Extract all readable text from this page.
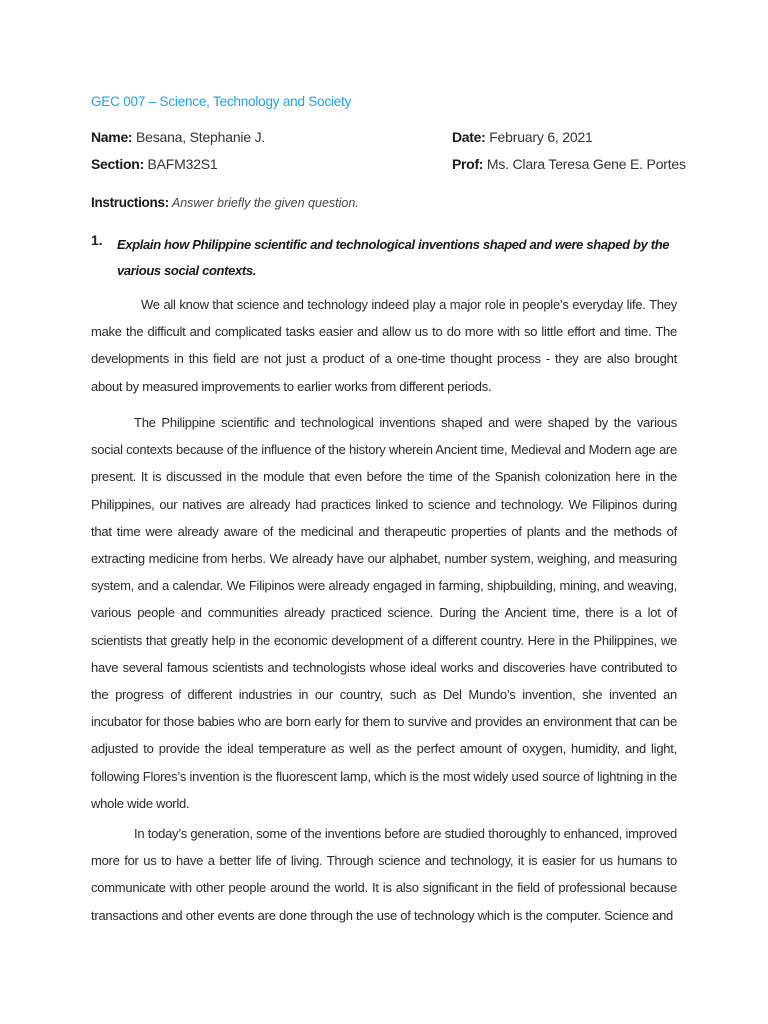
GEC 007 – Science, Technology and Society
Name: Besana, Stephanie J.	Date: February 6, 2021
Section: BAFM32S1	Prof: Ms. Clara Teresa Gene E. Portes
Instructions: Answer briefly the given question.
1. Explain how Philippine scientific and technological inventions shaped and were shaped by the various social contexts.

We all know that science and technology indeed play a major role in people’s everyday life. They make the difficult and complicated tasks easier and allow us to do more with so little effort and time. The developments in this field are not just a product of a one-time thought process - they are also brought about by measured improvements to earlier works from different periods.

The Philippine scientific and technological inventions shaped and were shaped by the various social contexts because of the influence of the history wherein Ancient time, Medieval and Modern age are present. It is discussed in the module that even before the time of the Spanish colonization here in the Philippines, our natives are already had practices linked to science and technology. We Filipinos during that time were already aware of the medicinal and therapeutic properties of plants and the methods of extracting medicine from herbs. We already have our alphabet, number system, weighing, and measuring system, and a calendar. We Filipinos were already engaged in farming, shipbuilding, mining, and weaving, various people and communities already practiced science. During the Ancient time, there is a lot of scientists that greatly help in the economic development of a different country. Here in the Philippines, we have several famous scientists and technologists whose ideal works and discoveries have contributed to the progress of different industries in our country, such as Del Mundo’s invention, she invented an incubator for those babies who are born early for them to survive and provides an environment that can be adjusted to provide the ideal temperature as well as the perfect amount of oxygen, humidity, and light, following Flores’s invention is the fluorescent lamp, which is the most widely used source of lightning in the whole wide world.

In today’s generation, some of the inventions before are studied thoroughly to enhanced, improved more for us to have a better life of living. Through science and technology, it is easier for us humans to communicate with other people around the world. It is also significant in the field of professional because transactions and other events are done through the use of technology which is the computer. Science and
